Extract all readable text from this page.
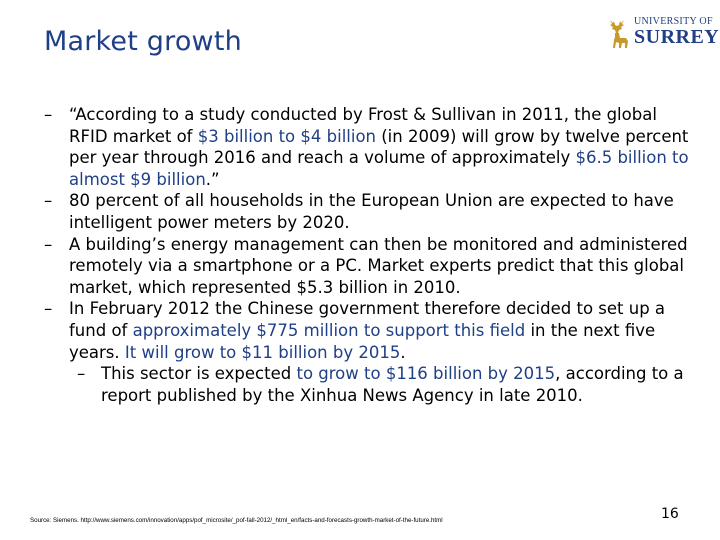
Market growth
UNIVERSITY OF
SURREY
– “According to a study conducted by Frost & Sullivan in 2011, the global RFID market of $3 billion to $4 billion (in 2009) will grow by twelve percent per year through 2016 and reach a volume of approximately $6.5 billion to almost $9 billion.”
– 80 percent of all households in the European Union are expected to have intelligent power meters by 2020.
– A building’s energy management can then be monitored and administered remotely via a smartphone or a PC. Market experts predict that this global market, which represented $5.3 billion in 2010.
– In February 2012 the Chinese government therefore decided to set up a fund of approximately $775 million to support this field in the next five years. It will grow to $11 billion by 2015.
– This sector is expected to grow to $116 billion by 2015, according to a report published by the Xinhua News Agency in late 2010.
Source: Siemens. http://www.siemens.com/innovation/apps/pof_microsite/_pof-fall-2012/_html_en/facts-and-forecasts-growth-market-of-the-future.html	16
